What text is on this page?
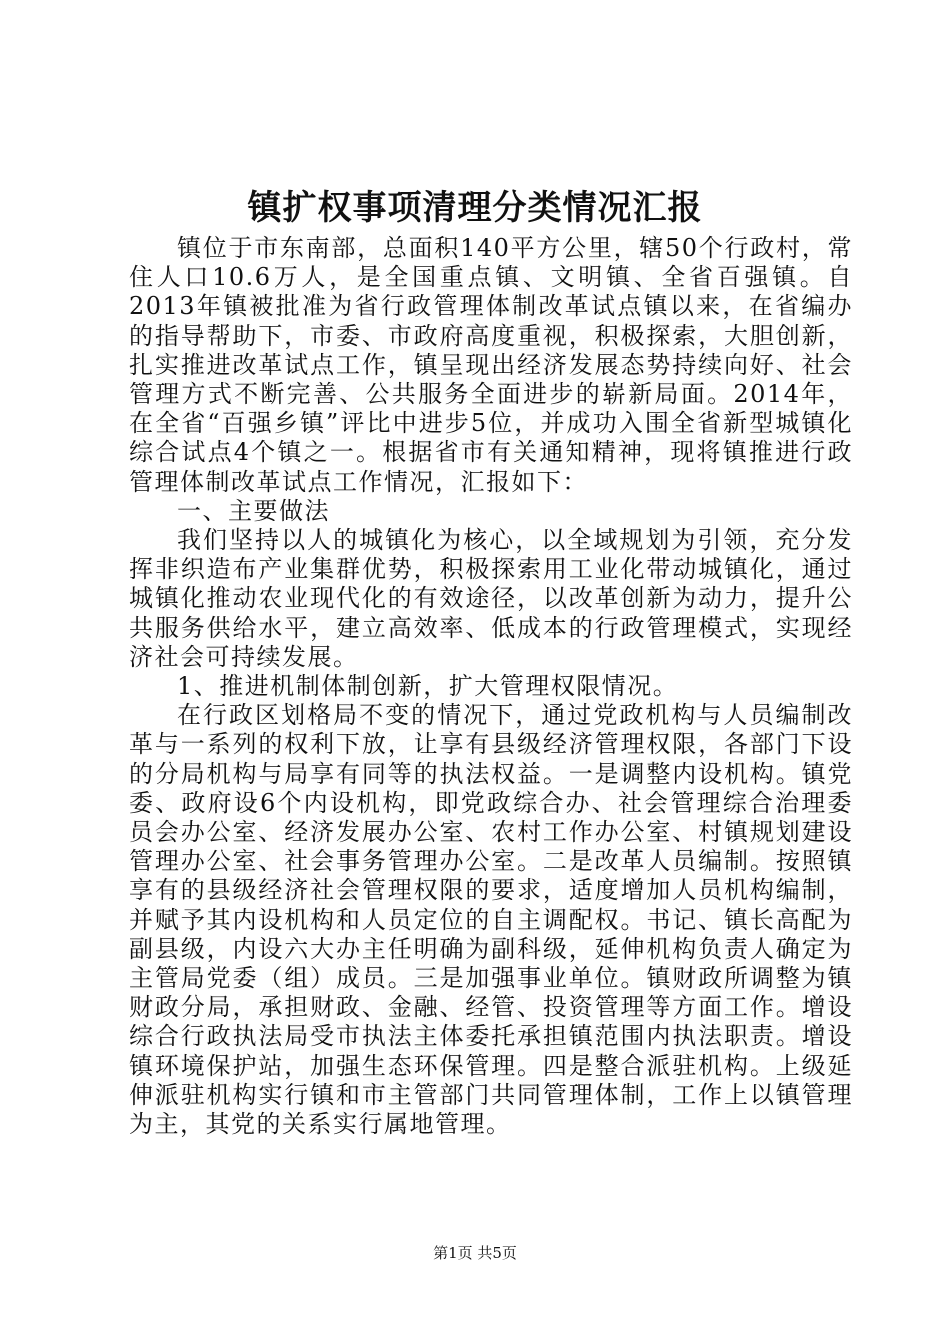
镇扩权事项清理分类情况汇报

镇位于市东南部，总面积140平方公里，辖50个行政村，常住人口10.6万人，是全国重点镇、文明镇、全省百强镇。自2013年镇被批准为省行政管理体制改革试点镇以来，在省编办的指导帮助下，市委、市政府高度重视，积极探索，大胆创新，扎实推进改革试点工作，镇呈现出经济发展态势持续向好、社会管理方式不断完善、公共服务全面进步的崭新局面。2014年，在全省“百强乡镇”评比中进步5位，并成功入围全省新型城镇化综合试点4个镇之一。根据省市有关通知精神，现将镇推进行政管理体制改革试点工作情况，汇报如下：

一、主要做法

我们坚持以人的城镇化为核心，以全域规划为引领，充分发挥非织造布产业集群优势，积极探索用工业化带动城镇化，通过城镇化推动农业现代化的有效途径，以改革创新为动力，提升公共服务供给水平，建立高效率、低成本的行政管理模式，实现经济社会可持续发展。

1、推进机制体制创新，扩大管理权限情况。

在行政区划格局不变的情况下，通过党政机构与人员编制改革与一系列的权利下放，让享有县级经济管理权限，各部门下设的分局机构与局享有同等的执法权益。一是调整内设机构。镇党委、政府设6个内设机构，即党政综合办、社会管理综合治理委员会办公室、经济发展办公室、农村工作办公室、村镇规划建设管理办公室、社会事务管理办公室。二是改革人员编制。按照镇享有的县级经济社会管理权限的要求，适度增加人员机构编制，并赋予其内设机构和人员定位的自主调配权。书记、镇长高配为副县级，内设六大办主任明确为副科级，延伸机构负责人确定为主管局党委（组）成员。三是加强事业单位。镇财政所调整为镇财政分局，承担财政、金融、经管、投资管理等方面工作。增设综合行政执法局受市执法主体委托承担镇范围内执法职责。增设镇环境保护站，加强生态环保管理。四是整合派驻机构。上级延伸派驻机构实行镇和市主管部门共同管理体制，工作上以镇管理为主，其党的关系实行属地管理。

第1页 共5页
